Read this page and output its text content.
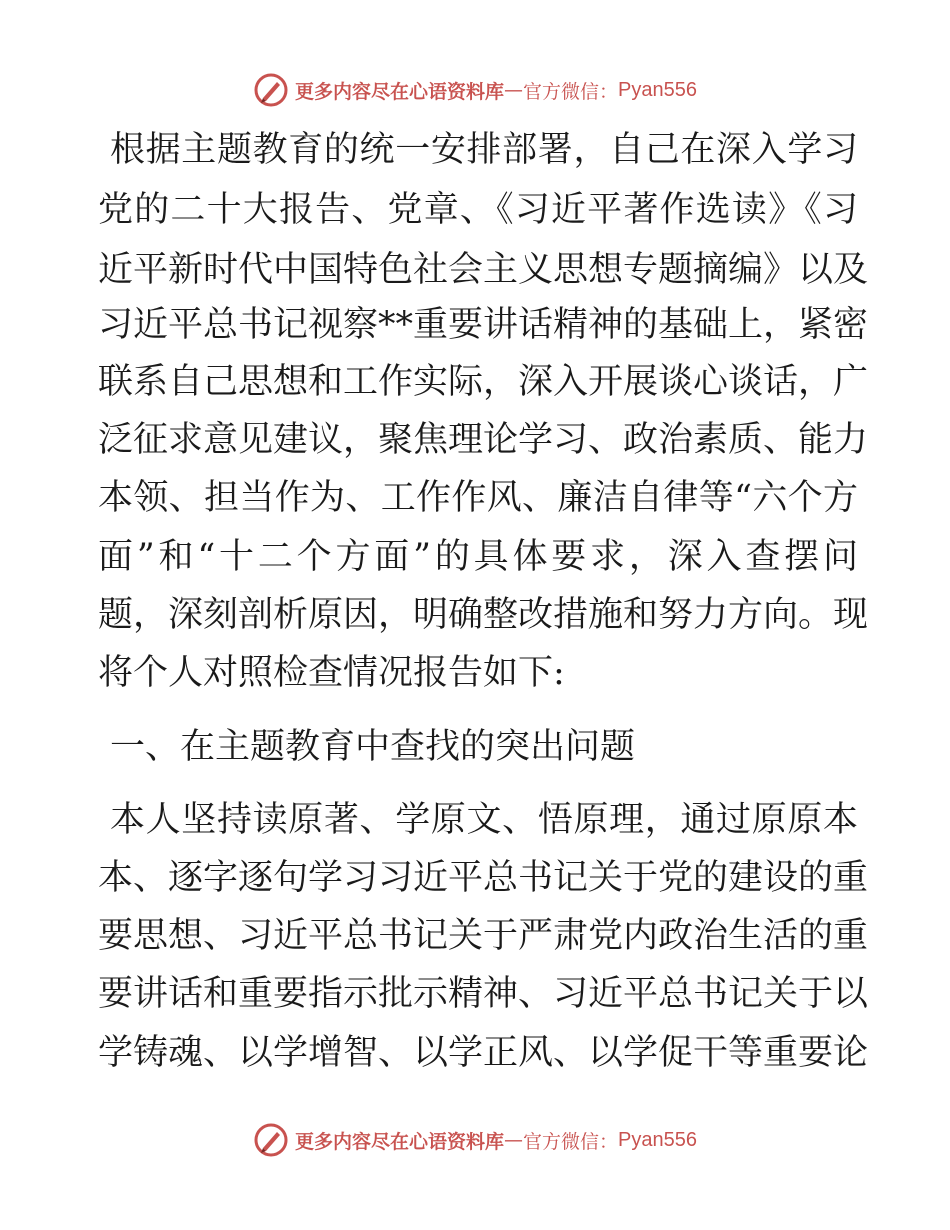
更多内容尽在心语资料库 — 官方微信： Pyan556
根据主题教育的统一安排部署，自己在深入学习
党的二十大报告、党章、《习近平著作选读》《习
近平新时代中国特色社会主义思想专题摘编》以及
习近平总书记视察**重要讲话精神的基础上，紧密
联系自己思想和工作实际，深入开展谈心谈话，广
泛征求意见建议，聚焦理论学习、政治素质、能力
本领、担当作为、工作作风、廉洁自律等“六个方
面”和“十二个方面”的具体要求，深入查摆问
题，深刻剖析原因，明确整改措施和努力方向。现
将个人对照检查情况报告如下:
一、在主题教育中查找的突出问题
本人坚持读原著、学原文、悟原理，通过原原本
本、逐字逐句学习习近平总书记关于党的建设的重
要思想、习近平总书记关于严肃党内政治生活的重
要讲话和重要指示批示精神、习近平总书记关于以
学铸魂、以学增智、以学正风、以学促干等重要论
更多内容尽在心语资料库 — 官方微信： Pyan556
